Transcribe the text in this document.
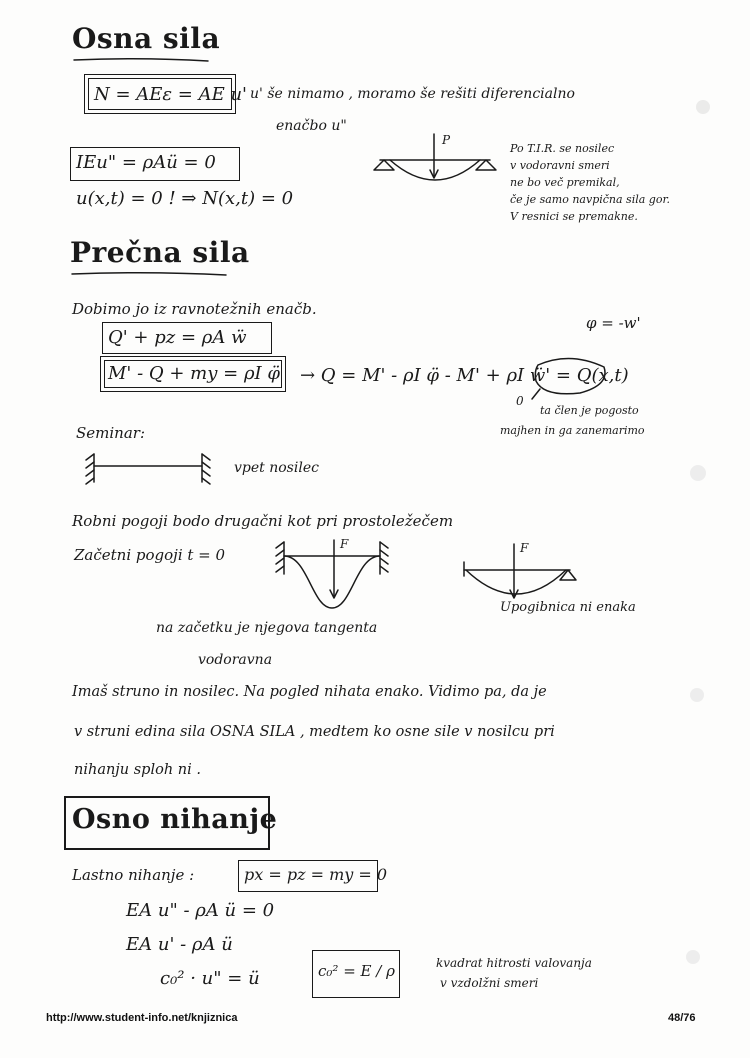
Osna sila
N = AEε = AE u' u' še nimamo , moramo še rešiti diferencialno
enačbo u"
IEu" = ρAü = 0
u(x,t) = 0 ! ⇒ N(x,t) = 0
P
Po T.I.R. se nosilec
v vodoravni smeri
ne bo več premikal,
če je samo navpična sila gor.
V resnici se premakne.
Prečna sila
Dobimo jo iz ravnotežnih enačb.
φ = -w'
Q' + pz = ρA ẅ
M' - Q + my = ρI φ̈ → Q = M' - ρI φ̈ - M' + ρI ẅ' = Q(x,t)
0
ta člen je pogosto
majhen in ga zanemarimo
Seminar:
vpet nosilec
Robni pogoji bodo drugačni kot pri prostoležečem
Začetni pogoji t = 0
F	F
Upogibnica ni enaka
na začetku je njegova tangenta
vodoravna
Imaš struno in nosilec. Na pogled nihata enako. Vidimo pa, da je
v struni edina sila OSNA SILA , medtem ko osne sile v nosilcu pri
nihanju sploh ni .
Osno nihanje
Lastno nihanje :	px = pz = my = 0
EA u" - ρA ü = 0
EA u' - ρA ü
c₀² · u" = ü	c₀² = E / ρ	kvadrat hitrosti valovanja
v vzdolžni smeri
http://www.student-info.net/knjiznica	48/76
